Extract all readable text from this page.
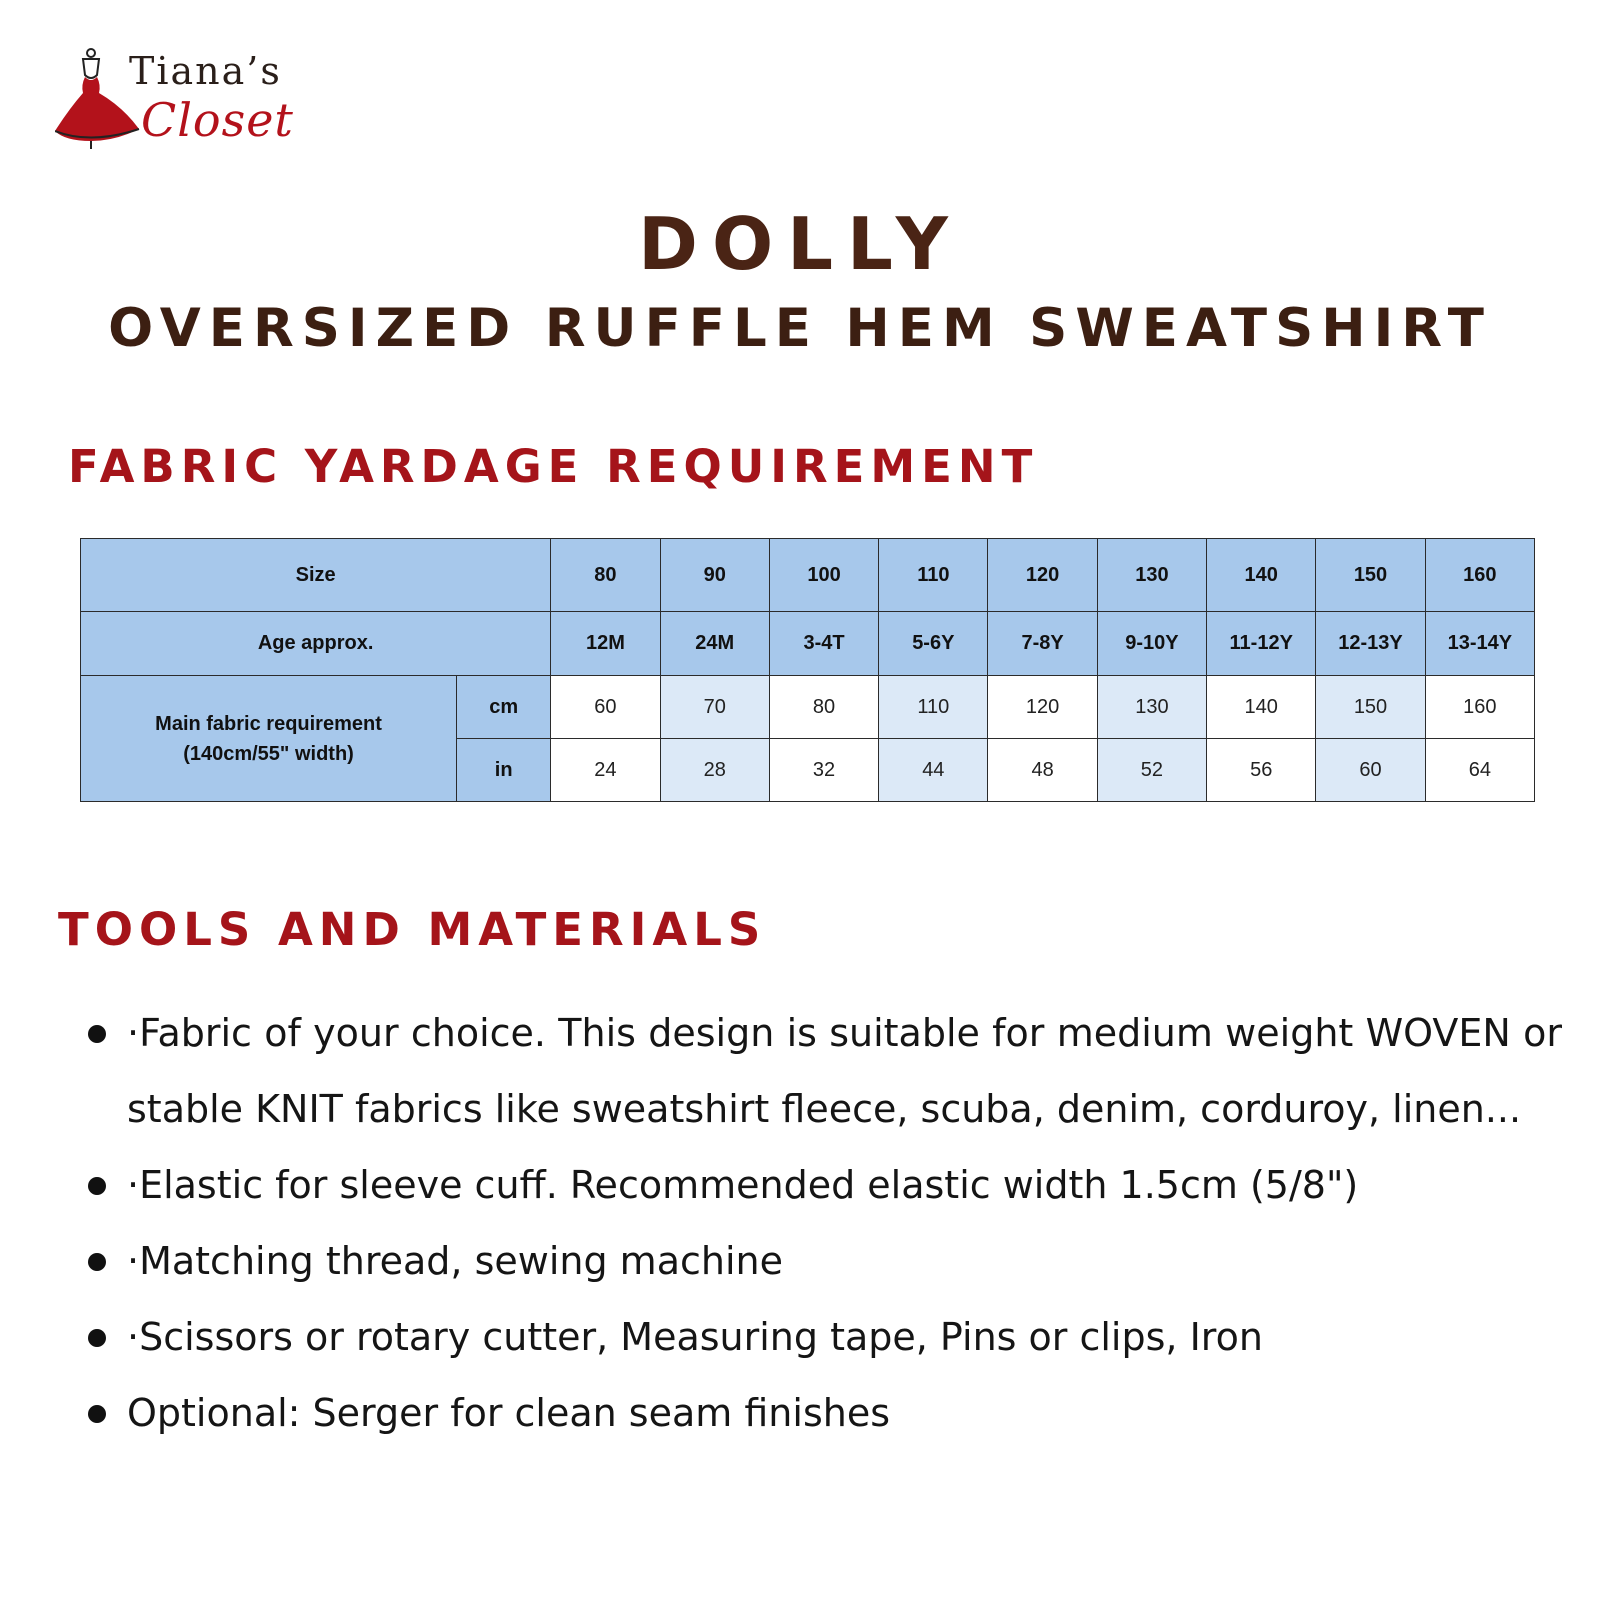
Tiana’s
Closet
DOLLY
OVERSIZED RUFFLE HEM SWEATSHIRT
FABRIC YARDAGE REQUIREMENT
Size		80	90	100	110	120	130	140	150	160
Age approx.		12M	24M	3-4T	5-6Y	7-8Y	9-10Y	11-12Y	12-13Y	13-14Y
Main fabric requirement
(140cm/55" width)	cm	60	70	80	110	120	130	140	150	160
	in	24	28	32	44	48	52	56	60	64
TOOLS AND MATERIALS
·Fabric of your choice. This design is suitable for medium weight WOVEN or stable KNIT fabrics like sweatshirt fleece, scuba, denim, corduroy, linen...
·Elastic for sleeve cuff. Recommended elastic width 1.5cm (5/8")
·Matching thread, sewing machine
·Scissors or rotary cutter, Measuring tape, Pins or clips, Iron
Optional: Serger for clean seam finishes
